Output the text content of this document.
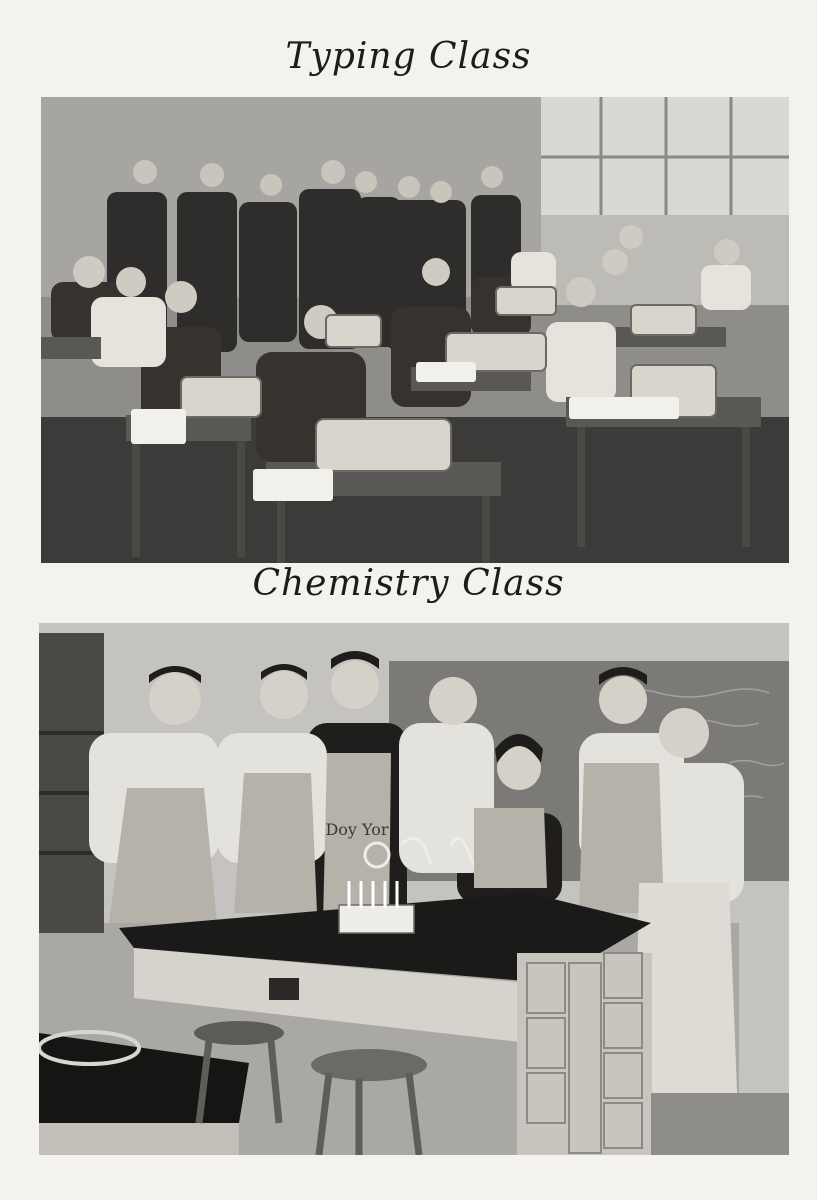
Typing Class
Chemistry Class
Doy Yor
